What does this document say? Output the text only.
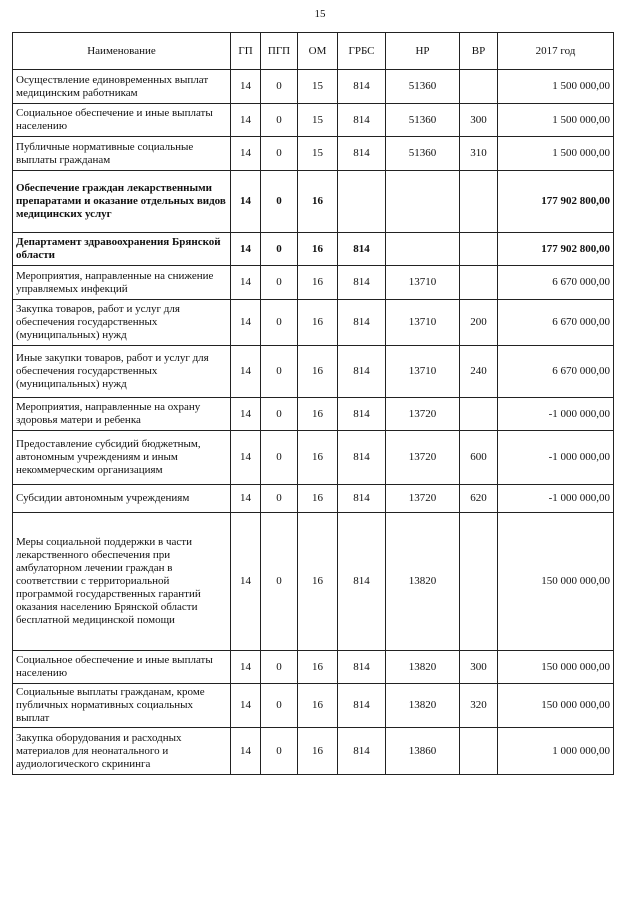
15
Наименование	ГП	ПГП	ОМ	ГРБС	НР	ВР	2017 год
Осуществление единовременных выплат медицинским работникам	14	0	15	814	51360		1 500 000,00
Социальное обеспечение и иные выплаты населению	14	0	15	814	51360	300	1 500 000,00
Публичные нормативные социальные выплаты гражданам	14	0	15	814	51360	310	1 500 000,00
Обеспечение граждан лекарственными препаратами и оказание отдельных видов медицинских услуг	14	0	16				177 902 800,00
Департамент здравоохранения Брянской области	14	0	16	814			177 902 800,00
Мероприятия, направленные на снижение управляемых инфекций	14	0	16	814	13710		6 670 000,00
Закупка товаров, работ и услуг для обеспечения государственных (муниципальных) нужд	14	0	16	814	13710	200	6 670 000,00
Иные закупки товаров, работ и услуг для обеспечения государственных (муниципальных) нужд	14	0	16	814	13710	240	6 670 000,00
Мероприятия, направленные на охрану здоровья матери и ребенка	14	0	16	814	13720		-1 000 000,00
Предоставление субсидий бюджетным, автономным учреждениям и иным некоммерческим организациям	14	0	16	814	13720	600	-1 000 000,00
Субсидии автономным учреждениям	14	0	16	814	13720	620	-1 000 000,00
Меры социальной поддержки в части лекарственного обеспечения при амбулаторном лечении граждан в соответствии с территориальной программой государственных гарантий оказания населению Брянской области бесплатной медицинской помощи	14	0	16	814	13820		150 000 000,00
Социальное обеспечение и иные выплаты населению	14	0	16	814	13820	300	150 000 000,00
Социальные выплаты гражданам, кроме публичных нормативных социальных выплат	14	0	16	814	13820	320	150 000 000,00
Закупка оборудования и расходных материалов для неонатального и аудиологического скрининга	14	0	16	814	13860		1 000 000,00
